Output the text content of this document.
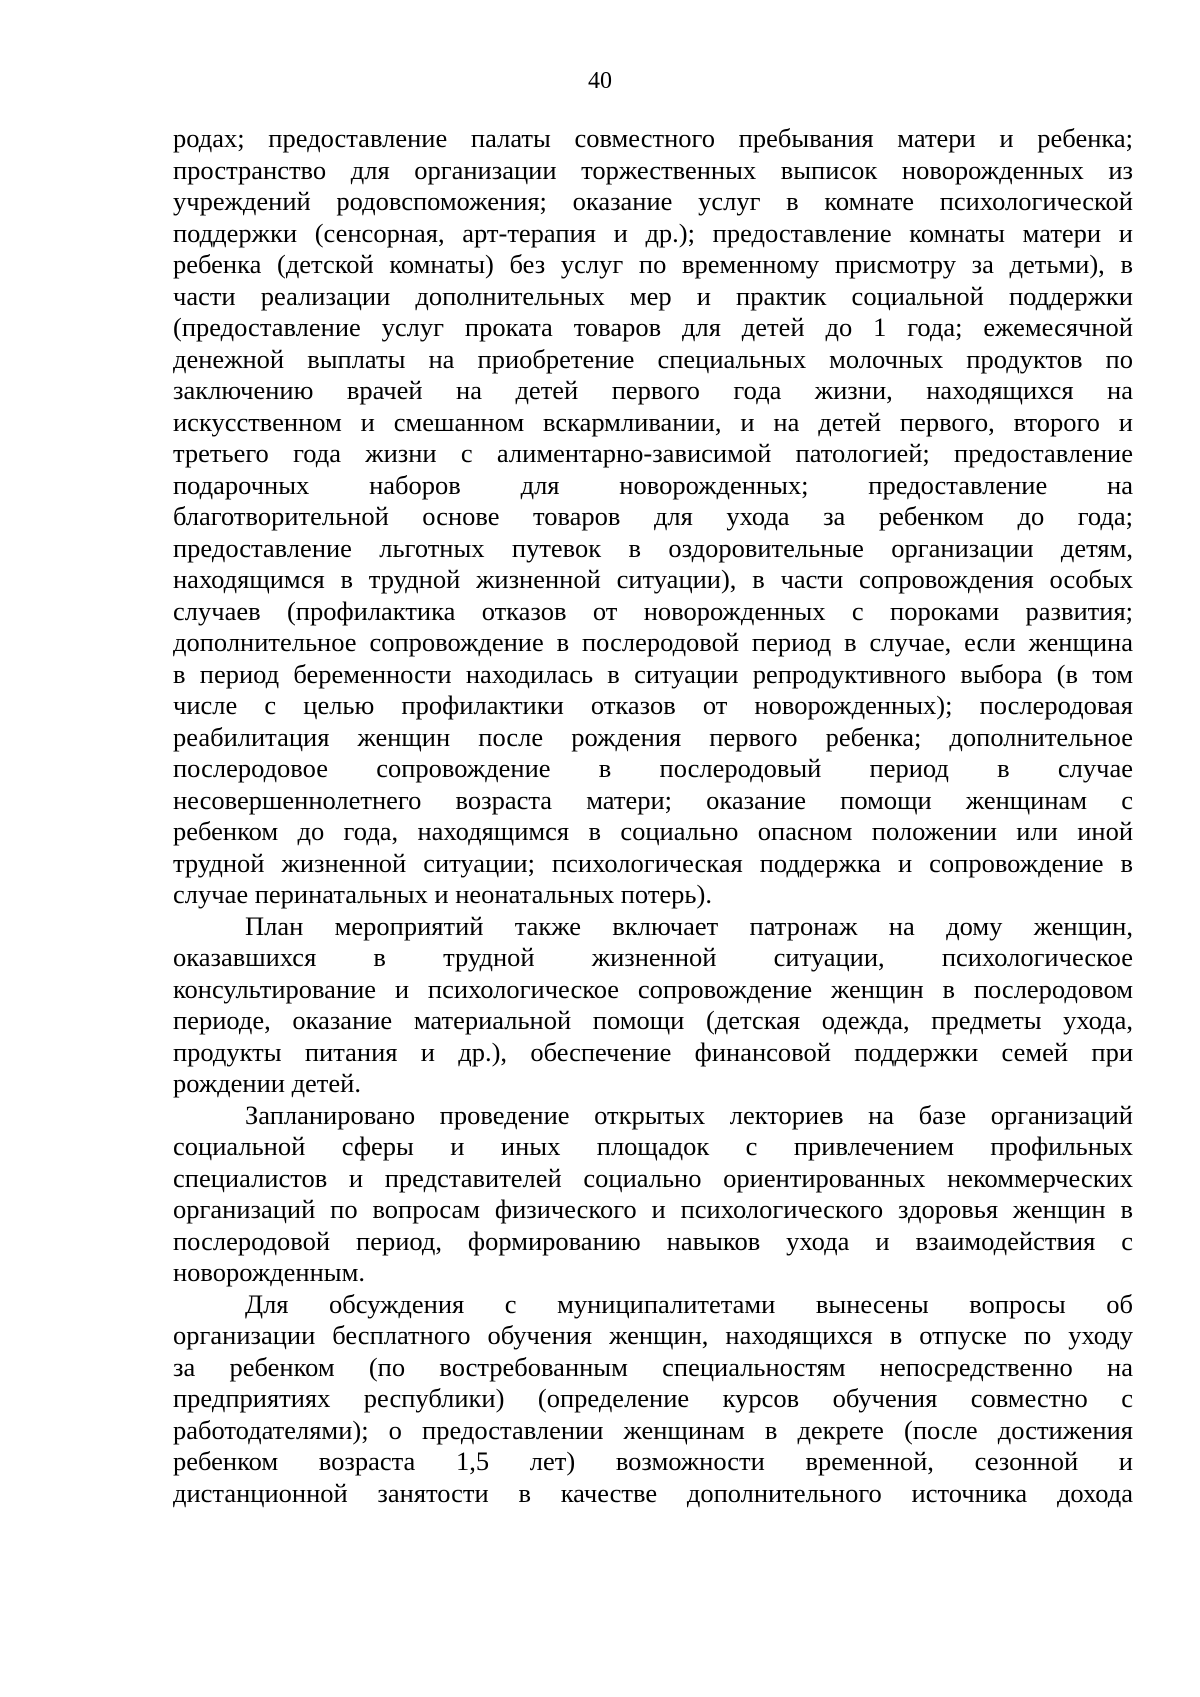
40
родах; предоставление палаты совместного пребывания матери и ребенка;
пространство для организации торжественных выписок новорожденных из
учреждений родовспоможения; оказание услуг в комнате психологической
поддержки (сенсорная, арт-терапия и др.); предоставление комнаты матери и
ребенка (детской комнаты) без услуг по временному присмотру за детьми), в
части реализации дополнительных мер и практик социальной поддержки
(предоставление услуг проката товаров для детей до 1 года; ежемесячной
денежной выплаты на приобретение специальных молочных продуктов по
заключению врачей на детей первого года жизни, находящихся на
искусственном и смешанном вскармливании, и на детей первого, второго и
третьего года жизни с алиментарно-зависимой патологией; предоставление
подарочных наборов для новорожденных; предоставление на
благотворительной основе товаров для ухода за ребенком до года;
предоставление льготных путевок в оздоровительные организации детям,
находящимся в трудной жизненной ситуации), в части сопровождения особых
случаев (профилактика отказов от новорожденных с пороками развития;
дополнительное сопровождение в послеродовой период в случае, если женщина
в период беременности находилась в ситуации репродуктивного выбора (в том
числе с целью профилактики отказов от новорожденных); послеродовая
реабилитация женщин после рождения первого ребенка; дополнительное
послеродовое сопровождение в послеродовый период в случае
несовершеннолетнего возраста матери; оказание помощи женщинам с
ребенком до года, находящимся в социально опасном положении или иной
трудной жизненной ситуации; психологическая поддержка и сопровождение в
случае перинатальных и неонатальных потерь).
План мероприятий также включает патронаж на дому женщин,
оказавшихся в трудной жизненной ситуации, психологическое
консультирование и психологическое сопровождение женщин в послеродовом
периоде, оказание материальной помощи (детская одежда, предметы ухода,
продукты питания и др.), обеспечение финансовой поддержки семей при
рождении детей.
Запланировано проведение открытых лекториев на базе организаций
социальной сферы и иных площадок с привлечением профильных
специалистов и представителей социально ориентированных некоммерческих
организаций по вопросам физического и психологического здоровья женщин в
послеродовой период, формированию навыков ухода и взаимодействия с
новорожденным.
Для обсуждения с муниципалитетами вынесены вопросы об
организации бесплатного обучения женщин, находящихся в отпуске по уходу
за ребенком (по востребованным специальностям непосредственно на
предприятиях республики) (определение курсов обучения совместно с
работодателями); о предоставлении женщинам в декрете (после достижения
ребенком возраста 1,5 лет) возможности временной, сезонной и
дистанционной занятости в качестве дополнительного источника дохода
